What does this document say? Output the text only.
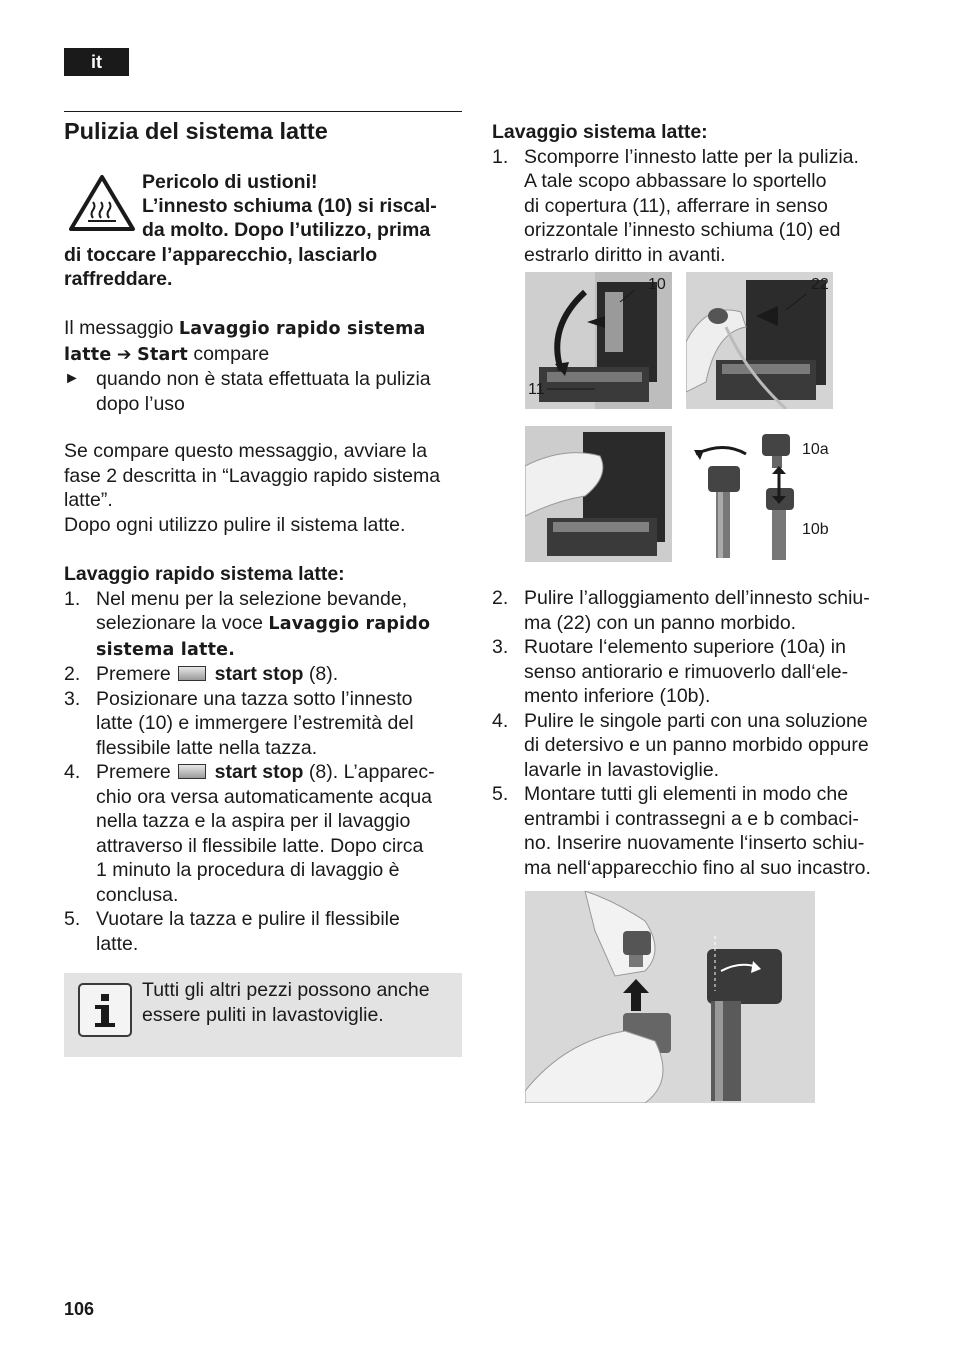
it
Pulizia del sistema latte
Pericolo di ustioni!
L’innesto schiuma (10) si riscal-
da molto. Dopo l’utilizzo, prima
di toccare l’apparecchio, lasciarlo
raffreddare.

Il messaggio Lavaggio rapido sistema

latte ➔ Start compare

► quando non è stata effettuata la pulizia

dopo l’uso

Se compare questo messaggio, avviare la

fase 2 descritta in “Lavaggio rapido sistema

latte”.

Dopo ogni utilizzo pulire il sistema latte.

Lavaggio rapido sistema latte:

1. Nel menu per la selezione bevande,

selezionare la voce Lavaggio rapido

sistema latte.

2. Premere  start stop (8).

3. Posizionare una tazza sotto l’innesto

latte (10) e immergere l’estremità del

flessibile latte nella tazza.

4. Premere  start stop (8). L’apparec-

chio ora versa automaticamente acqua

nella tazza e la aspira per il lavaggio

attraverso il flessibile latte. Dopo circa

1 minuto la procedura di lavaggio è

conclusa.

5. Vuotare la tazza e pulire il flessibile

latte.

Tutti gli altri pezzi possono anche

essere puliti in lavastoviglie.

Lavaggio sistema latte:

1. Scomporre l’innesto latte per la pulizia.

A tale scopo abbassare lo sportello

di copertura (11), afferrare in senso

orizzontale l’innesto schiuma (10) ed

estrarlo diritto in avanti.

10
11
22
10a
10b
2. Pulire l’alloggiamento dell’innesto schiu-

ma (22) con un panno morbido.

3. Ruotare l‘elemento superiore (10a) in

senso antiorario e rimuoverlo dall‘ele-

mento inferiore (10b).

4. Pulire le singole parti con una soluzione

di detersivo e un panno morbido oppure

lavarle in lavastoviglie.

5. Montare tutti gli elementi in modo che

entrambi i contrassegni a e b combaci-

no. Inserire nuovamente l‘inserto schiu-

ma nell‘apparecchio fino al suo incastro.

106
